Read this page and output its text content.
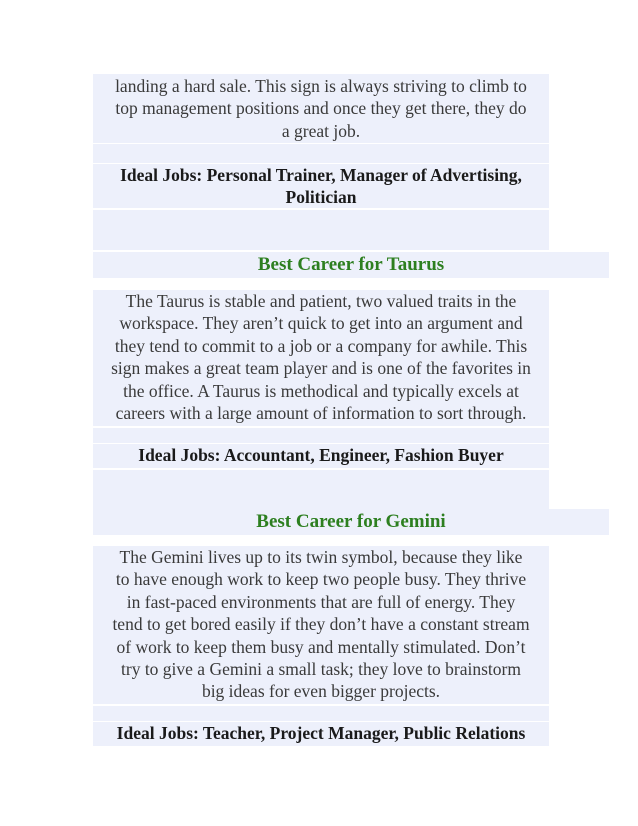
landing a hard sale. This sign is always striving to climb to

top management positions and once they get there, they do

a great job.

Ideal Jobs: Personal Trainer, Manager of Advertising,

Politician

Best Career for Taurus

The Taurus is stable and patient, two valued traits in the

workspace. They aren’t quick to get into an argument and

they tend to commit to a job or a company for awhile. This

sign makes a great team player and is one of the favorites in

the office. A Taurus is methodical and typically excels at

careers with a large amount of information to sort through.

Ideal Jobs: Accountant, Engineer, Fashion Buyer
Best Career for Gemini

The Gemini lives up to its twin symbol, because they like

to have enough work to keep two people busy. They thrive

in fast-paced environments that are full of energy. They

tend to get bored easily if they don’t have a constant stream

of work to keep them busy and mentally stimulated. Don’t

try to give a Gemini a small task; they love to brainstorm

big ideas for even bigger projects.

Ideal Jobs: Teacher, Project Manager, Public Relations
